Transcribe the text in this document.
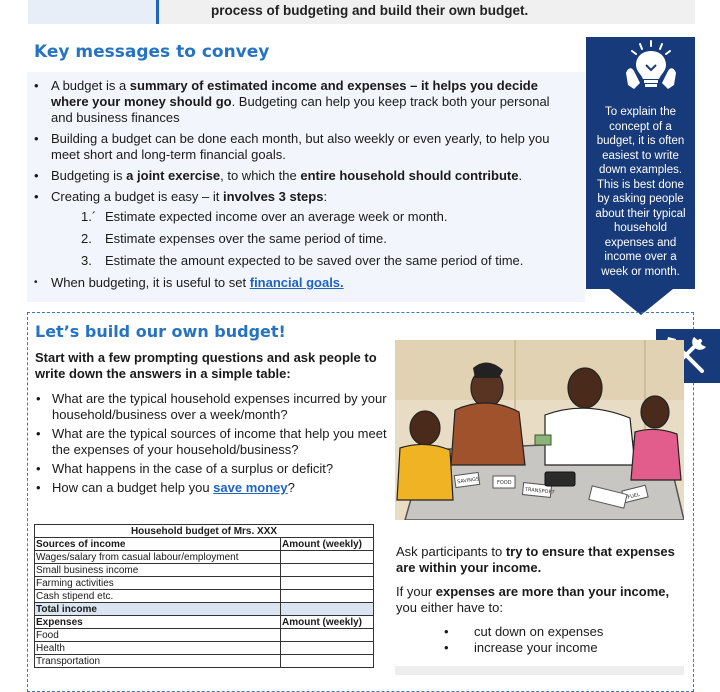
process of budgeting and build their own budget.
Key messages to convey
• A budget is a summary of estimated income and expenses – it helps you decide where your money should go. Budgeting can help you keep track both your personal and business finances
• Building a budget can be done each month, but also weekly or even yearly, to help you meet short and long-term financial goals.
• Budgeting is a joint exercise, to which the entire household should contribute.
• Creating a budget is easy – it involves 3 steps:
1.´ Estimate expected income over an average week or month.
2. Estimate expenses over the same period of time.
3. Estimate the amount expected to be saved over the same period of time.
• When budgeting, it is useful to set financial goals.
To explain the concept of a budget, it is often easiest to write down examples. This is best done by asking people about their typical household expenses and income over a week or month.
Let’s build our own budget!
Start with a few prompting questions and ask people to write down the answers in a simple table:
• What are the typical household expenses incurred by your household/business over a week/month?
• What are the typical sources of income that help you meet the expenses of your household/business?
• What happens in the case of a surplus or deficit?
• How can a budget help you save money?
Household budget of Mrs. XXX	
Sources of income	Amount (weekly)
Wages/salary from casual labour/employment	
Small business income	
Farming activities	
Cash stipend etc.	
Total income	
Expenses	Amount (weekly)
Food	
Health	
Transportation	
SAVINGS	FOOD
TRANSPORT
FUEL
Ask participants to try to ensure that expenses are within your income.
If your expenses are more than your income, you either have to:
• cut down on expenses
• increase your income
